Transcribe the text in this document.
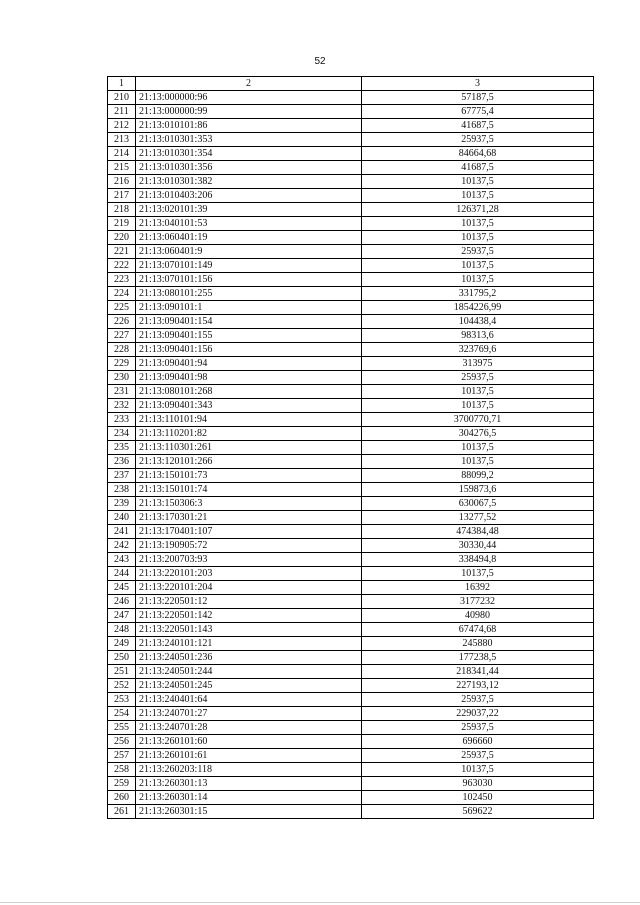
52
1	2	3
210	21:13:000000:96	57187,5
211	21:13:000000:99	67775,4
212	21:13:010101:86	41687,5
213	21:13:010301:353	25937,5
214	21:13:010301:354	84664,68
215	21:13:010301:356	41687,5
216	21:13:010301:382	10137,5
217	21:13:010403:206	10137,5
218	21:13:020101:39	126371,28
219	21:13:040101:53	10137,5
220	21:13:060401:19	10137,5
221	21:13:060401:9	25937,5
222	21:13:070101:149	10137,5
223	21:13:070101:156	10137,5
224	21:13:080101:255	331795,2
225	21:13:090101:1	1854226,99
226	21:13:090401:154	104438,4
227	21:13:090401:155	98313,6
228	21:13:090401:156	323769,6
229	21:13:090401:94	313975
230	21:13:090401:98	25937,5
231	21:13:080101:268	10137,5
232	21:13:090401:343	10137,5
233	21:13:110101:94	3700770,71
234	21:13:110201:82	304276,5
235	21:13:110301:261	10137,5
236	21:13:120101:266	10137,5
237	21:13:150101:73	88099,2
238	21:13:150101:74	159873,6
239	21:13:150306:3	630067,5
240	21:13:170301:21	13277,52
241	21:13:170401:107	474384,48
242	21:13:190905:72	30330,44
243	21:13:200703:93	338494,8
244	21:13:220101:203	10137,5
245	21:13:220101:204	16392
246	21:13:220501:12	3177232
247	21:13:220501:142	40980
248	21:13:220501:143	67474,68
249	21:13:240101:121	245880
250	21:13:240501:236	177238,5
251	21:13:240501:244	218341,44
252	21:13:240501:245	227193,12
253	21:13:240401:64	25937,5
254	21:13:240701:27	229037,22
255	21:13:240701:28	25937,5
256	21:13:260101:60	696660
257	21:13:260101:61	25937,5
258	21:13:260203:118	10137,5
259	21:13:260301:13	963030
260	21:13:260301:14	102450
261	21:13:260301:15	569622
